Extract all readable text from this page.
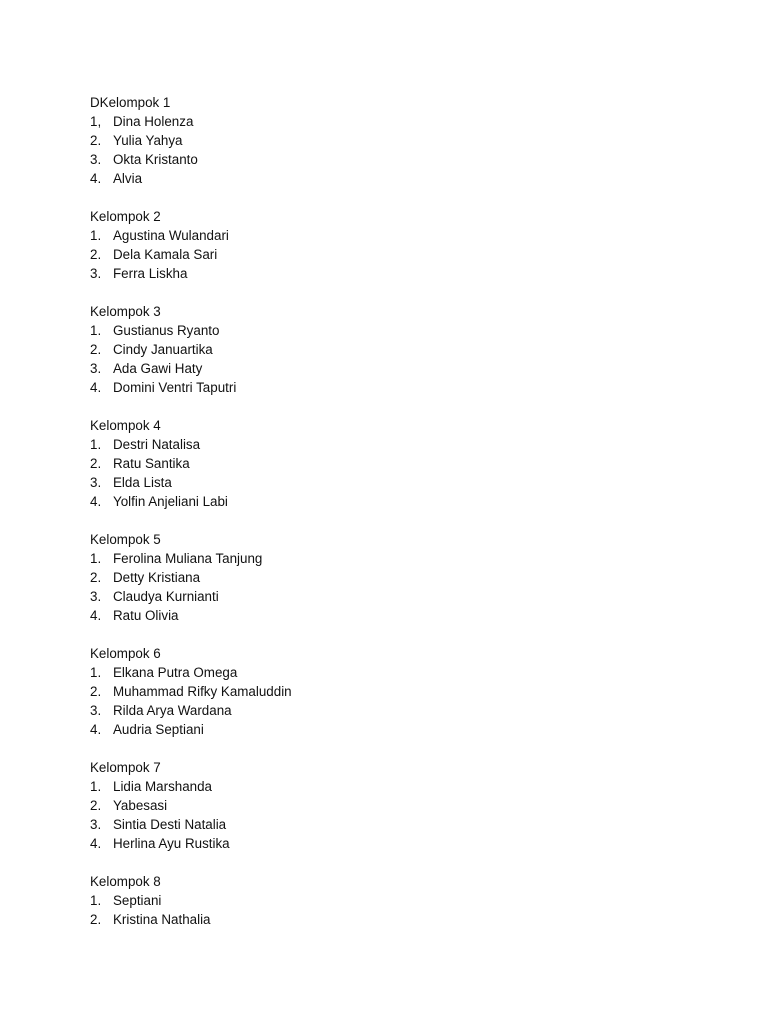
DKelompok 1
1, Dina Holenza
2. Yulia Yahya
3. Okta Kristanto
4. Alvia
Kelompok 2
1. Agustina Wulandari
2. Dela Kamala Sari
3. Ferra Liskha
Kelompok 3
1. Gustianus Ryanto
2. Cindy Januartika
3. Ada Gawi Haty
4. Domini Ventri Taputri
Kelompok 4
1. Destri Natalisa
2. Ratu Santika
3. Elda Lista
4. Yolfin Anjeliani Labi
Kelompok 5
1. Ferolina Muliana Tanjung
2. Detty Kristiana
3. Claudya Kurnianti
4. Ratu Olivia
Kelompok 6
1. Elkana Putra Omega
2. Muhammad Rifky Kamaluddin
3. Rilda Arya Wardana
4. Audria Septiani
Kelompok 7
1. Lidia Marshanda
2. Yabesasi
3. Sintia Desti Natalia
4. Herlina Ayu Rustika
Kelompok 8
1. Septiani
2. Kristina Nathalia
